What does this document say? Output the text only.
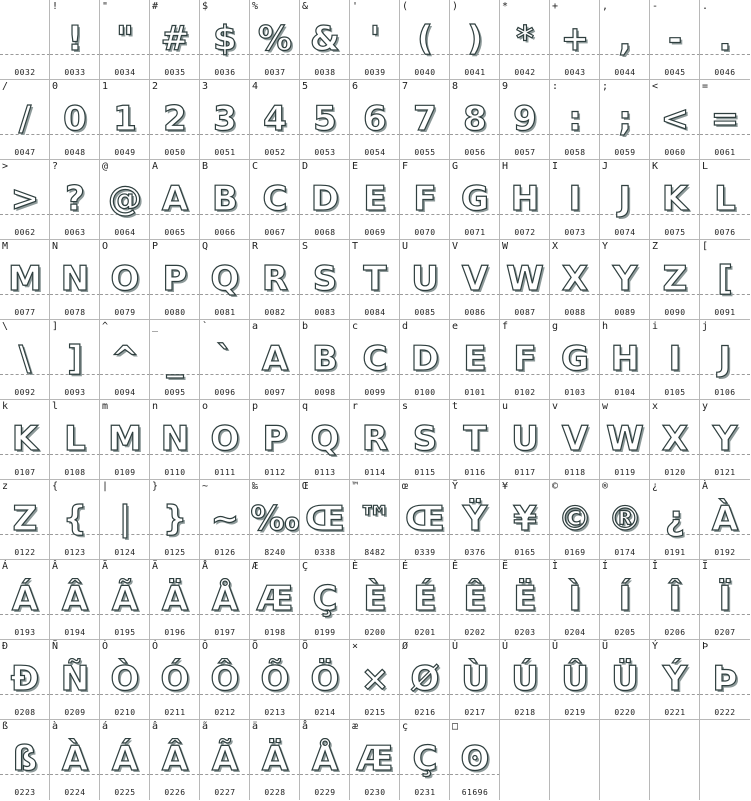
0032
!
!
0033
"
"
0034
#
#
0035
$
$
0036
%
%
0037
&
&
0038
'
'
0039
(
(
0040
)
)
0041
*
*
0042
+
+
0043
,
,
0044
-
-
0045
.
.
0046
/
/
0047
0
0
0048
1
1
0049
2
2
0050
3
3
0051
4
4
0052
5
5
0053
6
6
0054
7
7
0055
8
8
0056
9
9
0057
:
:
0058
;
;
0059
<
<
0060
=
=
0061
>
>
0062
?
?
0063
@
@
0064
A
A
0065
B
B
0066
C
C
0067
D
D
0068
E
E
0069
F
F
0070
G
G
0071
H
H
0072
I
I
0073
J
J
0074
K
K
0075
L
L
0076
M
M
0077
N
N
0078
O
O
0079
P
P
0080
Q
Q
0081
R
R
0082
S
S
0083
T
T
0084
U
U
0085
V
V
0086
W
W
0087
X
X
0088
Y
Y
0089
Z
Z
0090
[
[
0091
\
\
0092
]
]
0093
^
^
0094
_
_
0095
`
`
0096
a
A
0097
b
B
0098
c
C
0099
d
D
0100
e
E
0101
f
F
0102
g
G
0103
h
H
0104
i
I
0105
j
J
0106
k
K
0107
l
L
0108
m
M
0109
n
N
0110
o
O
0111
p
P
0112
q
Q
0113
r
R
0114
s
S
0115
t
T
0116
u
U
0117
v
V
0118
w
W
0119
x
X
0120
y
Y
0121
z
Z
0122
{
{
0123
|
|
0124
}
}
0125
~
~
0126
‰
‰
8240
Œ
Œ
0338
™
™
8482
œ
Œ
0339
Ÿ
Ÿ
0376
¥
¥
0165
©
©
0169
®
®
0174
¿
¿
0191
À
À
0192
Á
Á
0193
Â
Â
0194
Ã
Ã
0195
Ä
Ä
0196
Å
Å
0197
Æ
Æ
0198
Ç
Ç
0199
È
È
0200
É
É
0201
Ê
Ê
0202
Ë
Ë
0203
Ì
Ì
0204
Í
Í
0205
Î
Î
0206
Ï
Ï
0207
Ð
Ð
0208
Ñ
Ñ
0209
Ò
Ò
0210
Ó
Ó
0211
Ô
Ô
0212
Õ
Õ
0213
Ö
Ö
0214
×
×
0215
Ø
Ø
0216
Ù
Ù
0217
Ú
Ú
0218
Û
Û
0219
Ü
Ü
0220
Ý
Ý
0221
Þ
Þ
0222
ß
ß
0223
à
À
0224
á
Á
0225
â
Â
0226
ã
Ã
0227
ä
Ä
0228
å
Å
0229
æ
Æ
0230
ç
Ç
0231
□
ʘ
61696
